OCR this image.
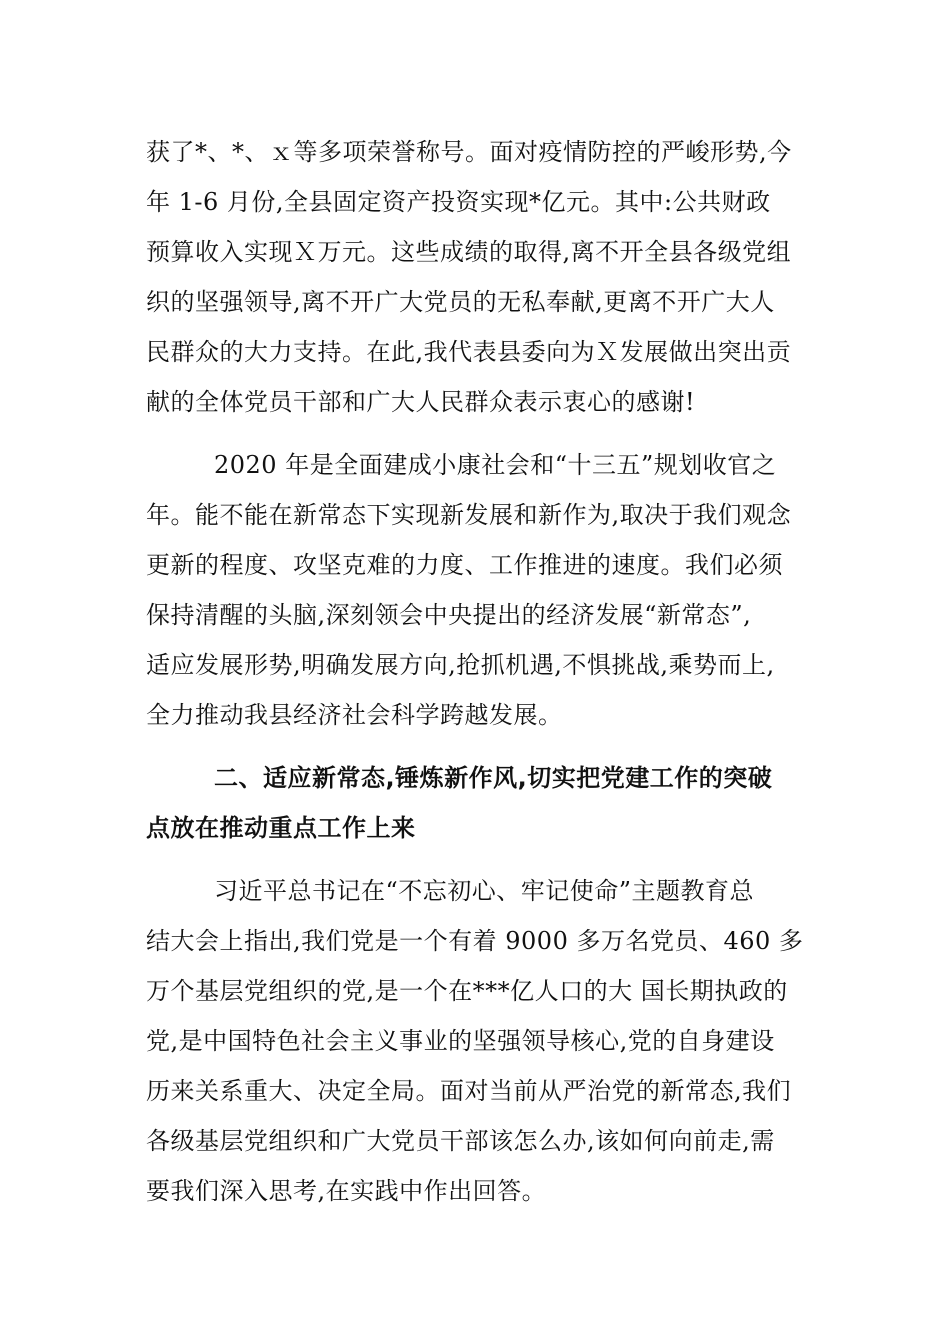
获了*、*、ｘ等多项荣誉称号。面对疫情防控的严峻形势,今
年 1-6 月份,全县固定资产投资实现*亿元。其中:公共财政
预算收入实现Ｘ万元。这些成绩的取得,离不开全县各级党组
织的坚强领导,离不开广大党员的无私奉献,更离不开广大人
民群众的大力支持。在此,我代表县委向为Ｘ发展做出突出贡
献的全体党员干部和广大人民群众表示衷心的感谢!
2020 年是全面建成小康社会和“十三五”规划收官之
年。能不能在新常态下实现新发展和新作为,取决于我们观念
更新的程度、攻坚克难的力度、工作推进的速度。我们必须
保持清醒的头脑,深刻领会中央提出的经济发展“新常态”,
适应发展形势,明确发展方向,抢抓机遇,不惧挑战,乘势而上,
全力推动我县经济社会科学跨越发展。
二、适应新常态,锤炼新作风,切实把党建工作的突破
点放在推动重点工作上来
习近平总书记在“不忘初心、牢记使命”主题教育总
结大会上指出,我们党是一个有着 9000 多万名党员、460 多
万个基层党组织的党,是一个在***亿人口的大 国长期执政的
党,是中国特色社会主义事业的坚强领导核心,党的自身建设
历来关系重大、决定全局。面对当前从严治党的新常态,我们
各级基层党组织和广大党员干部该怎么办,该如何向前走,需
要我们深入思考,在实践中作出回答。
